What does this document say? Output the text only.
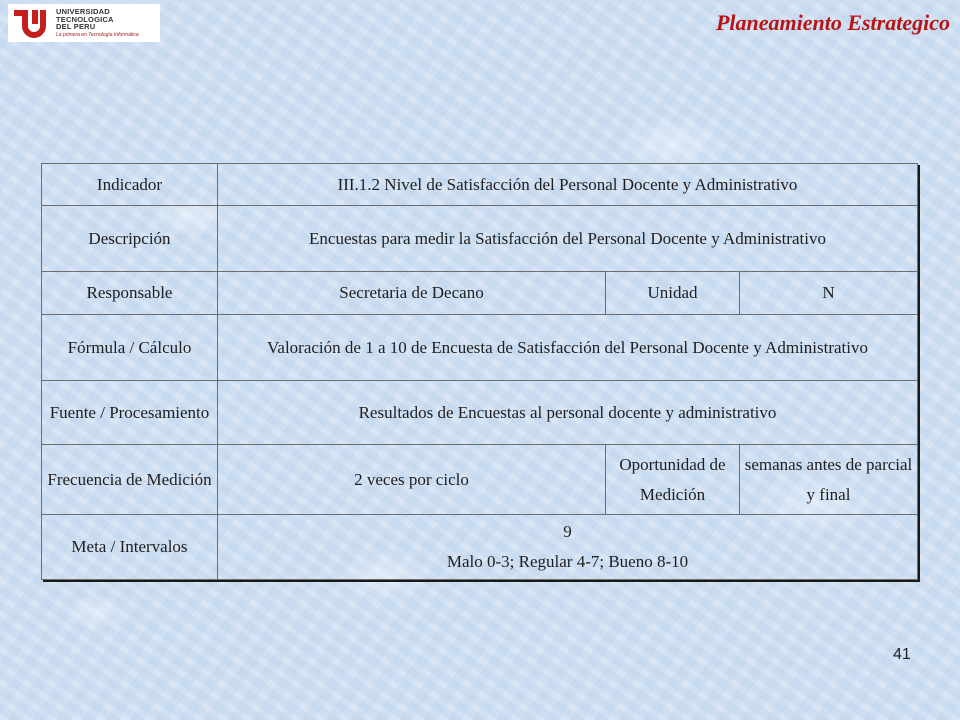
UNIVERSIDAD
TECNOLOGICA
DEL PERU
La primera en Tecnología Informática	Planeamiento Estrategico
Indicador	III.1.2 Nivel de Satisfacción del Personal Docente y Administrativo		
Descripción	Encuestas para medir la Satisfacción del Personal Docente y Administrativo		
Responsable	Secretaria de Decano	Unidad	N
Fórmula / Cálculo	Valoración de 1 a 10 de Encuesta de Satisfacción del Personal Docente y Administrativo		
Fuente / Procesamiento	Resultados de Encuestas al personal docente y administrativo		
Frecuencia de Medición	2 veces por ciclo	Oportunidad de Medición	semanas antes de parcial y final
Meta / Intervalos	9
Malo 0-3; Regular 4-7; Bueno 8-10		
41
